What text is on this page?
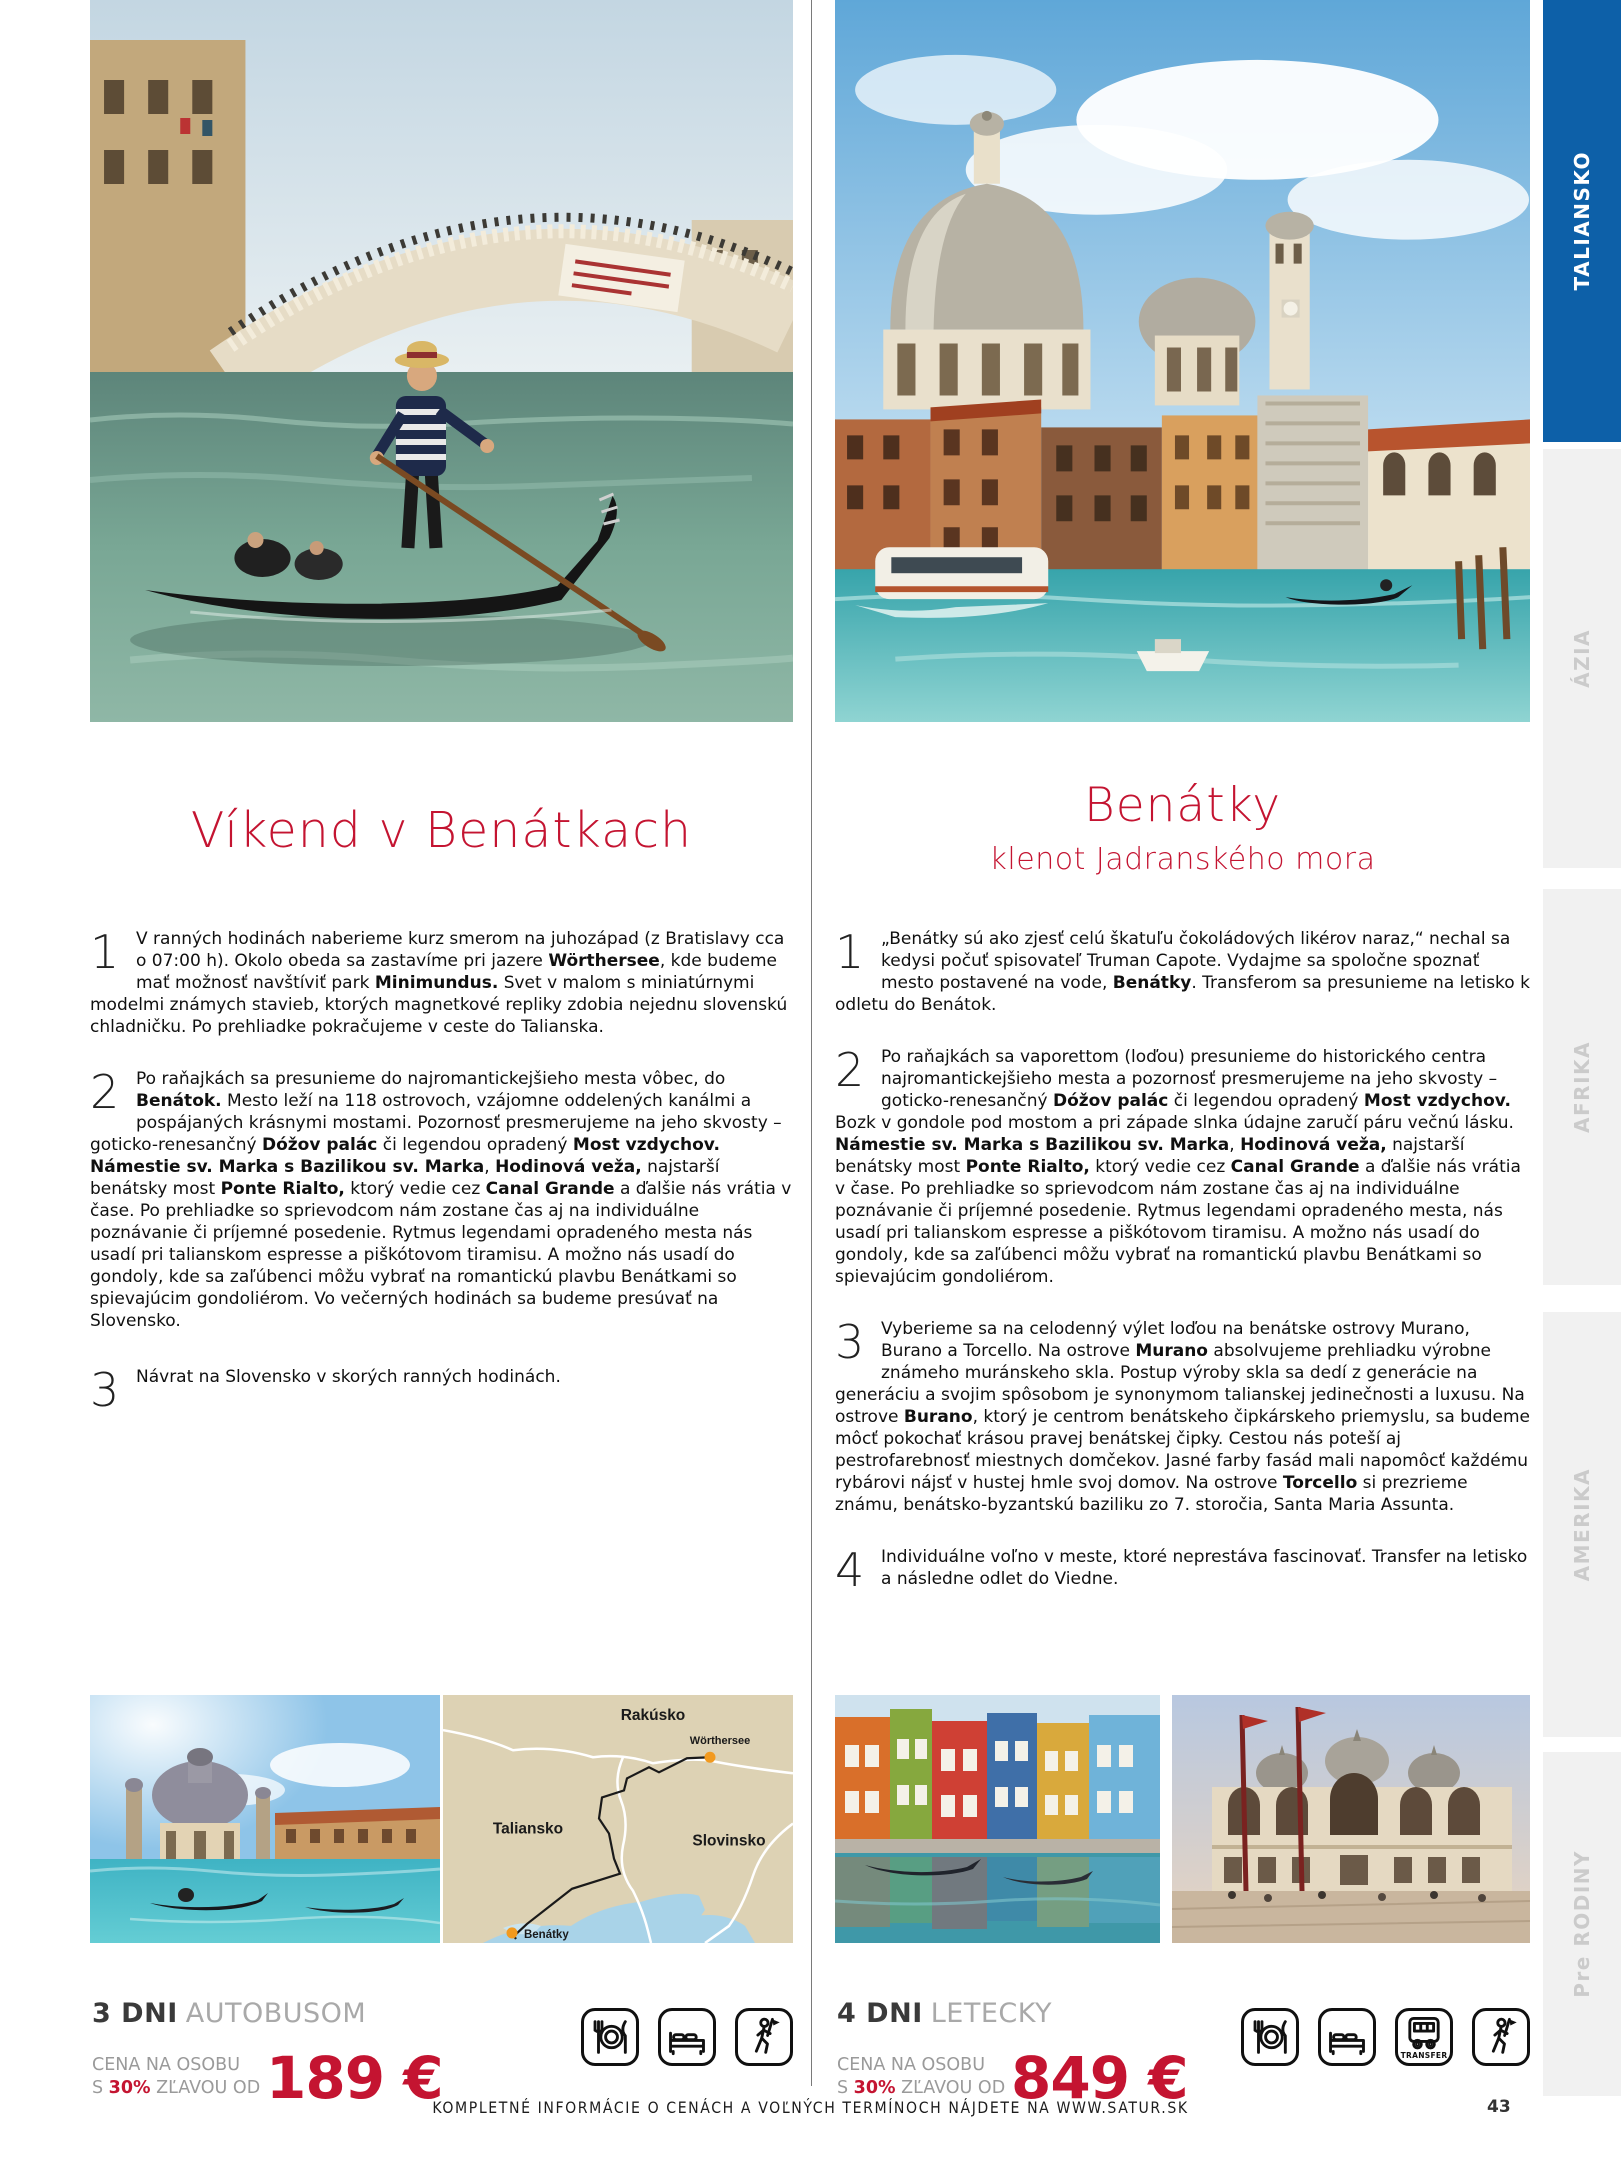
Víkend v Benátkach
1 V ranných hodinách naberieme kurz smerom na juhozápad (z Bratislavy cca o 07:00 h). Okolo obeda sa zastavíme pri jazere Wörthersee, kde budeme mať možnosť navštíviť park Minimundus. Svet v malom s miniatúrnymi modelmi známych stavieb, ktorých magnetkové repliky zdobia nejednu slovenskú chladničku. Po prehliadke pokračujeme v ceste do Talianska.

2 Po raňajkách sa presunieme do najromantickejšieho mesta vôbec, do Benátok. Mesto leží na 118 ostrovoch, vzájomne oddelených kanálmi a pospájaných krásnymi mostami. Pozornosť presmerujeme na jeho skvosty – goticko-renesančný Dóžov palác či legendou opradený Most vzdychov. Námestie sv. Marka s Bazilikou sv. Marka, Hodinová veža, najstarší benátsky most Ponte Rialto, ktorý vedie cez Canal Grande a ďalšie nás vrátia v čase. Po prehliadke so sprievodcom nám zostane čas aj na individuálne poznávanie či príjemné posedenie. Rytmus legendami opradeného mesta nás usadí pri talianskom espresse a piškótovom tiramisu. A možno nás usadí do gondoly, kde sa zaľúbenci môžu vybrať na romantickú plavbu Benátkami so spievajúcim gondoliérom. Vo večerných hodinách sa budeme presúvať na Slovensko.

3 Návrat na Slovensko v skorých ranných hodinách.

Rakúsko
Wörthersee
Taliansko
Slovinsko
Benátky
3 DNI AUTOBUSOM
CENA NA OSOBU
S 30% ZĽAVOU OD 189 €
Benátky

klenot Jadranského mora

1 „Benátky sú ako zjesť celú škatuľu čokoládových likérov naraz,“ nechal sa kedysi počuť spisovateľ Truman Capote. Vydajme sa spoločne spoznať mesto postavené na vode, Benátky. Transferom sa presunieme na letisko k odletu do Benátok.

2 Po raňajkách sa vaporettom (loďou) presunieme do historického centra najromantickejšieho mesta a pozornosť presmerujeme na jeho skvosty – goticko-renesančný Dóžov palác či legendou opradený Most vzdychov. Bozk v gondole pod mostom a pri západe slnka údajne zaručí páru večnú lásku. Námestie sv. Marka s Bazilikou sv. Marka, Hodinová veža, najstarší benátsky most Ponte Rialto, ktorý vedie cez Canal Grande a ďalšie nás vrátia v čase. Po prehliadke so sprievodcom nám zostane čas aj na individuálne poznávanie či príjemné posedenie. Rytmus legendami opradeného mesta, nás usadí pri talianskom espresse a piškótovom tiramisu. A možno nás usadí do gondoly, kde sa zaľúbenci môžu vybrať na romantickú plavbu Benátkami so spievajúcim gondoliérom.

3 Vyberieme sa na celodenný výlet loďou na benátske ostrovy Murano, Burano a Torcello. Na ostrove Murano absolvujeme prehliadku výrobne známeho muránskeho skla. Postup výroby skla sa dedí z generácie na generáciu a svojim spôsobom je synonymom talianskej jedinečnosti a luxusu. Na ostrove Burano, ktorý je centrom benátskeho čipkárskeho priemyslu, sa budeme môcť pokochať krásou pravej benátskej čipky. Cestou nás poteší aj pestrofarebnosť miestnych domčekov. Jasné farby fasád mali napomôcť každému rybárovi nájsť v hustej hmle svoj domov. Na ostrove Torcello si prezrieme známu, benátsko-byzantskú baziliku zo 7. storočia, Santa Maria Assunta.

4 Individuálne voľno v meste, ktoré neprestáva fascinovať. Transfer na letisko a následne odlet do Viedne.

4 DNI LETECKY
CENA NA OSOBU
S 30% ZĽAVOU OD 849 €	TRANSFER
TALIANSKO
ÁZIA
AFRIKA
AMERIKA
Pre RODINY
KOMPLETNÉ INFORMÁCIE O CENÁCH A VOĽNÝCH TERMÍNOCH NÁJDETE NA WWW.SATUR.SK	43
